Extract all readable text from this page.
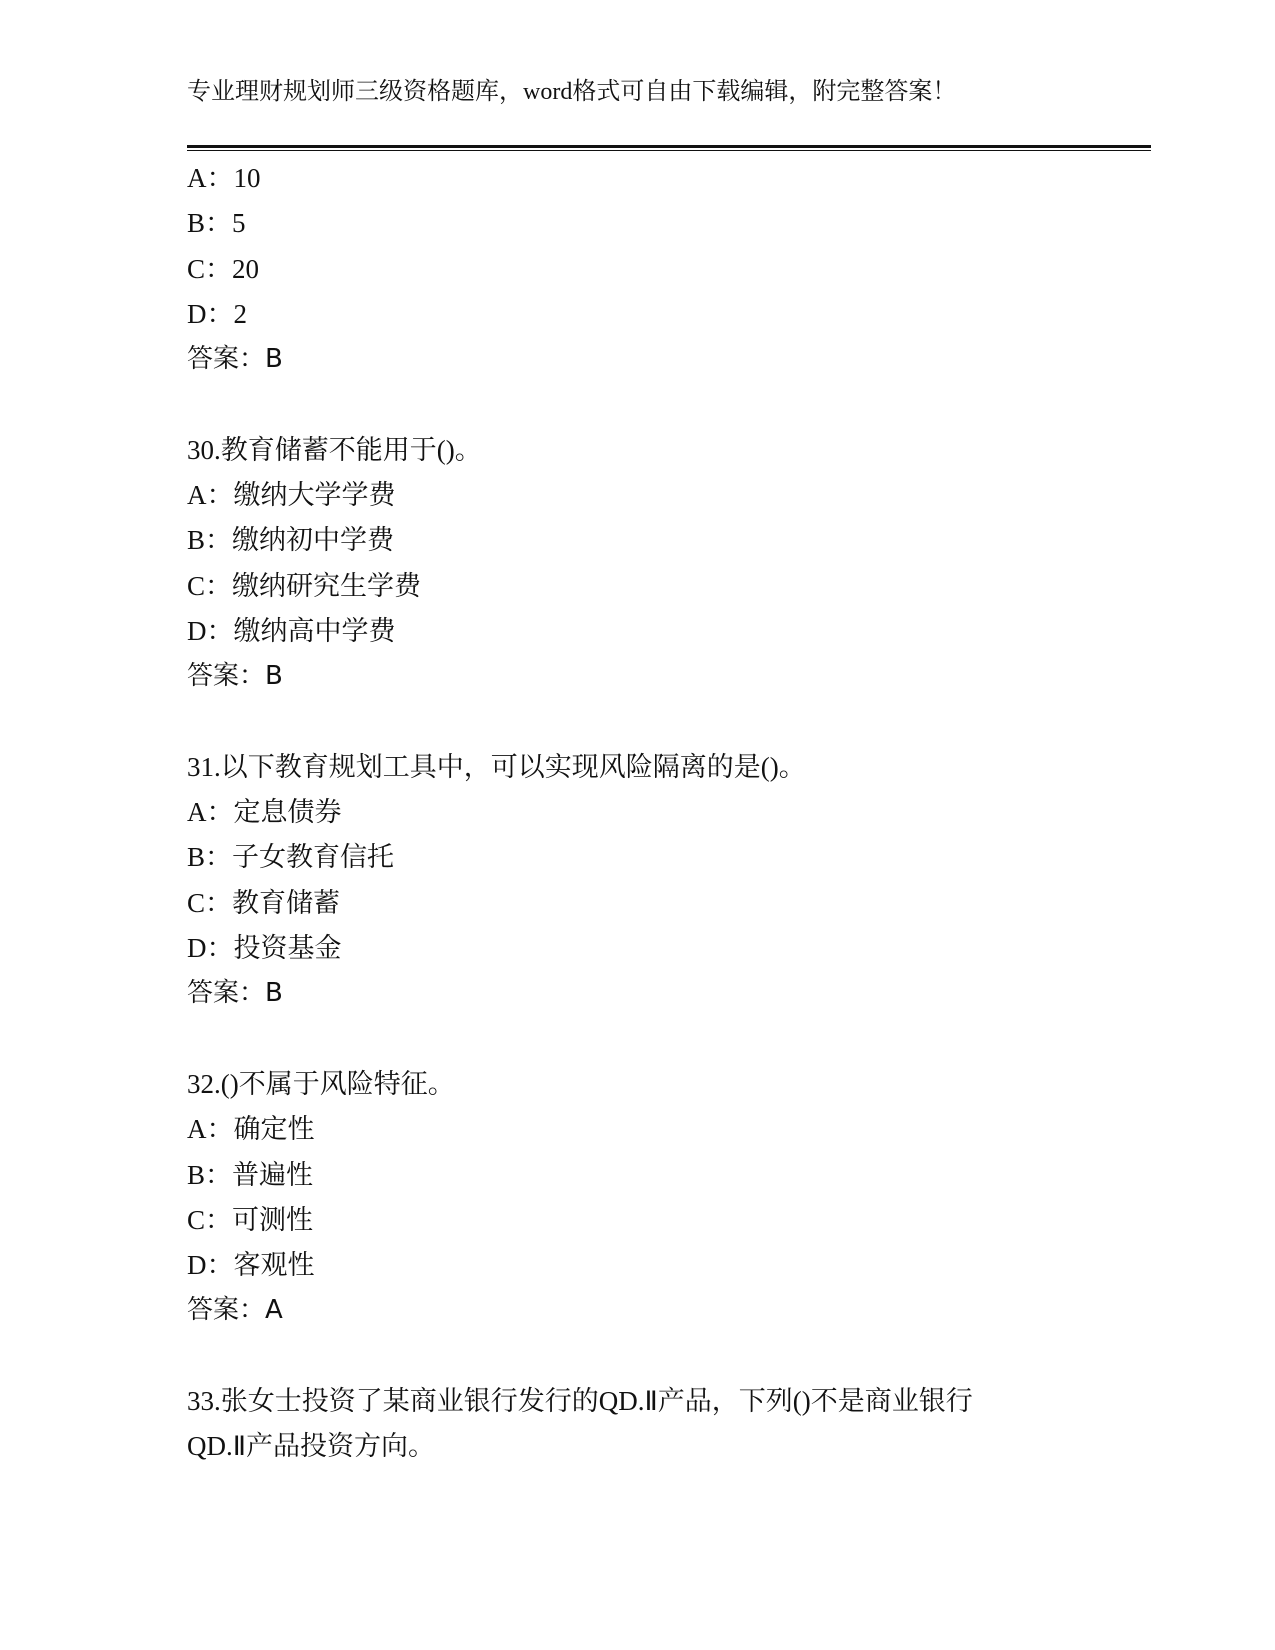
专业理财规划师三级资格题库，word格式可自由下载编辑，附完整答案！
A：10
B：5
C：20
D：2
答案：B
30.教育储蓄不能用于()。
A：缴纳大学学费
B：缴纳初中学费
C：缴纳研究生学费
D：缴纳高中学费
答案：B
31.以下教育规划工具中，可以实现风险隔离的是()。
A：定息债券
B：子女教育信托
C：教育储蓄
D：投资基金
答案：B
32.()不属于风险特征。
A：确定性
B：普遍性
C：可测性
D：客观性
答案：A
33.张女士投资了某商业银行发行的QD.Ⅱ产品，下列()不是商业银行
QD.Ⅱ产品投资方向。
